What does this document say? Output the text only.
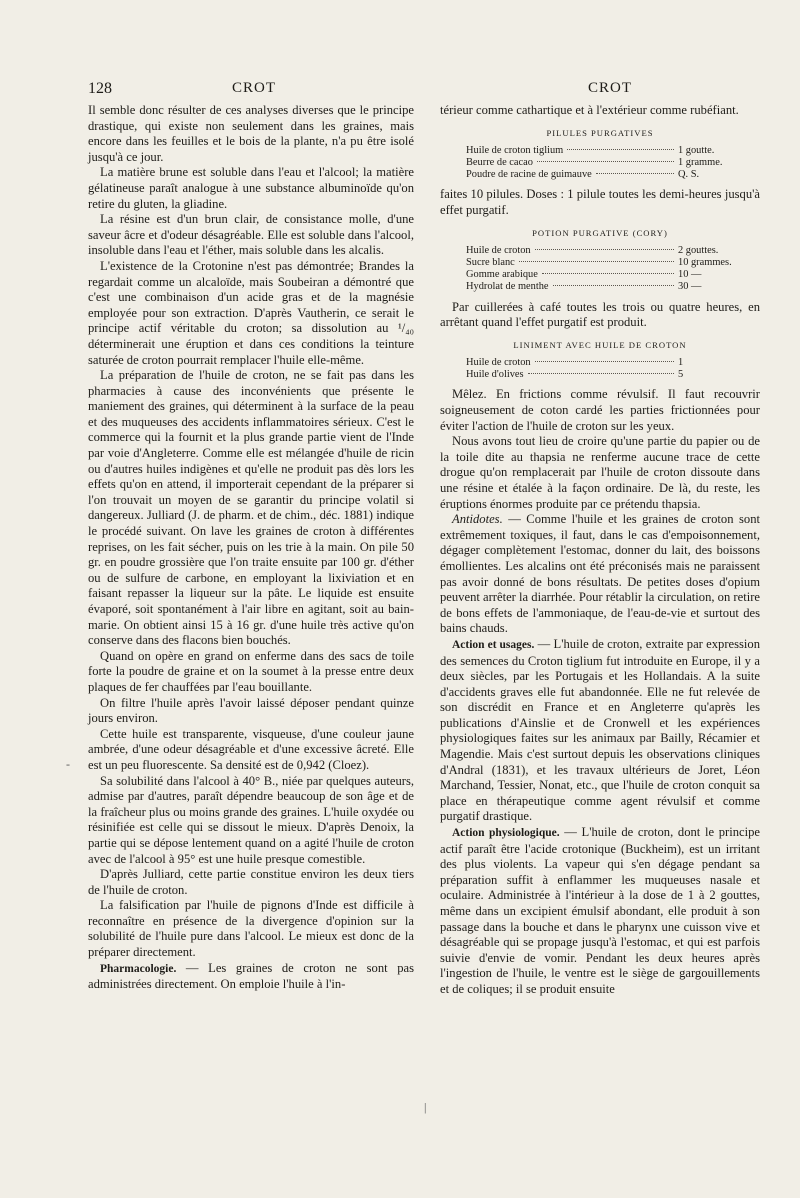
128	CROT	CROT
-

Il semble donc résulter de ces analyses diverses que le principe drastique, qui existe non seulement dans les graines, mais encore dans les feuilles et le bois de la plante, n'a pu être isolé jusqu'à ce jour.

La matière brune est soluble dans l'eau et l'alcool; la matière gélatineuse paraît analogue à une substance albuminoïde qu'on retire du gluten, la gliadine.

La résine est d'un brun clair, de consistance molle, d'une saveur âcre et d'odeur désagréable. Elle est soluble dans l'alcool, insoluble dans l'eau et l'éther, mais soluble dans les alcalis.

L'existence de la Crotonine n'est pas démontrée; Brandes la regardait comme un alcaloïde, mais Soubeiran a démontré que c'est une combinaison d'un acide gras et de la magnésie employée pour son extraction. D'après Vautherin, ce serait le principe actif véritable du croton; sa dissolution au ¹/₄₀ déterminerait une éruption et dans ces conditions la teinture saturée de croton pourrait remplacer l'huile elle-même.

La préparation de l'huile de croton, ne se fait pas dans les pharmacies à cause des inconvénients que présente le maniement des graines, qui déterminent à la surface de la peau et des muqueuses des accidents inflammatoires sérieux. C'est le commerce qui la fournit et la plus grande partie vient de l'Inde par voie d'Angleterre. Comme elle est mélangée d'huile de ricin ou d'autres huiles indigènes et qu'elle ne produit pas dès lors les effets qu'on en attend, il importerait cependant de la préparer si l'on trouvait un moyen de se garantir du principe volatil si dangereux. Julliard (J. de pharm. et de chim., déc. 1881) indique le procédé suivant. On lave les graines de croton à différentes reprises, on les fait sécher, puis on les trie à la main. On pile 50 gr. en poudre grossière que l'on traite ensuite par 100 gr. d'éther ou de sulfure de carbone, en employant la lixiviation et en faisant repasser la liqueur sur la pâte. Le liquide est ensuite évaporé, soit spontanément à l'air libre en agitant, soit au bain-marie. On obtient ainsi 15 à 16 gr. d'une huile très active qu'on conserve dans des flacons bien bouchés.

Quand on opère en grand on enferme dans des sacs de toile forte la poudre de graine et on la soumet à la presse entre deux plaques de fer chauffées par l'eau bouillante.

On filtre l'huile après l'avoir laissé déposer pendant quinze jours environ.

Cette huile est transparente, visqueuse, d'une couleur jaune ambrée, d'une odeur désagréable et d'une excessive âcreté. Elle est un peu fluorescente. Sa densité est de 0,942 (Cloez).

Sa solubilité dans l'alcool à 40° B., niée par quelques auteurs, admise par d'autres, paraît dépendre beaucoup de son âge et de la fraîcheur plus ou moins grande des graines. L'huile oxydée ou résinifiée est celle qui se dissout le mieux. D'après Denoix, la partie qui se dépose lentement quand on a agité l'huile de croton avec de l'alcool à 95° est une huile presque comestible.

D'après Julliard, cette partie constitue environ les deux tiers de l'huile de croton.

La falsification par l'huile de pignons d'Inde est difficile à reconnaître en présence de la divergence d'opinion sur la solubilité de l'huile pure dans l'alcool. Le mieux est donc de la préparer directement.

Pharmacologie. — Les graines de croton ne sont pas administrées directement. On emploie l'huile à l'in-

térieur comme cathartique et à l'extérieur comme rubéfiant.

PILULES PURGATIVES
Huile de croton tiglium	1 goutte.
Beurre de cacao	1 gramme.
Poudre de racine de guimauve	Q. S.

faites 10 pilules. Doses : 1 pilule toutes les demi-heures jusqu'à effet purgatif.

POTION PURGATIVE (CORY)
Huile de croton	2 gouttes.
Sucre blanc	10 grammes.
Gomme arabique	10 —
Hydrolat de menthe	30 —

Par cuillerées à café toutes les trois ou quatre heures, en arrêtant quand l'effet purgatif est produit.

LINIMENT AVEC HUILE DE CROTON
Huile de croton	1
Huile d'olives	5

Mêlez. En frictions comme révulsif. Il faut recouvrir soigneusement de coton cardé les parties frictionnées pour éviter l'action de l'huile de croton sur les yeux.

Nous avons tout lieu de croire qu'une partie du papier ou de la toile dite au thapsia ne renferme aucune trace de cette drogue qu'on remplacerait par l'huile de croton dissoute dans une résine et étalée à la façon ordinaire. De là, du reste, les éruptions énormes produite par ce prétendu thapsia.

Antidotes. — Comme l'huile et les graines de croton sont extrêmement toxiques, il faut, dans le cas d'empoisonnement, dégager complètement l'estomac, donner du lait, des boissons émollientes. Les alcalins ont été préconisés mais ne paraissent pas avoir donné de bons résultats. De petites doses d'opium peuvent arrêter la diarrhée. Pour rétablir la circulation, on retire de bons effets de l'ammoniaque, de l'eau-de-vie et surtout des bains chauds.

Action et usages. — L'huile de croton, extraite par expression des semences du Croton tiglium fut introduite en Europe, il y a deux siècles, par les Portugais et les Hollandais. A la suite d'accidents graves elle fut abandonnée. Elle ne fut relevée de son discrédit en France et en Angleterre qu'après les publications d'Ainslie et de Cronwell et les expériences physiologiques faites sur les animaux par Bailly, Récamier et Magendie. Mais c'est surtout depuis les observations cliniques d'Andral (1831), et les travaux ultérieurs de Joret, Léon Marchand, Tessier, Nonat, etc., que l'huile de croton conquit sa place en thérapeutique comme agent révulsif et comme purgatif drastique.

Action physiologique. — L'huile de croton, dont le principe actif paraît être l'acide crotonique (Buckheim), est un irritant des plus violents. La vapeur qui s'en dégage pendant sa préparation suffit à enflammer les muqueuses nasale et oculaire. Administrée à l'intérieur à la dose de 1 à 2 gouttes, même dans un excipient émulsif abondant, elle produit à son passage dans la bouche et dans le pharynx une cuisson vive et désagréable qui se propage jusqu'à l'estomac, et qui est parfois suivie d'envie de vomir. Pendant les deux heures après l'ingestion de l'huile, le ventre est le siège de gargouillements et de coliques; il se produit ensuite

|
